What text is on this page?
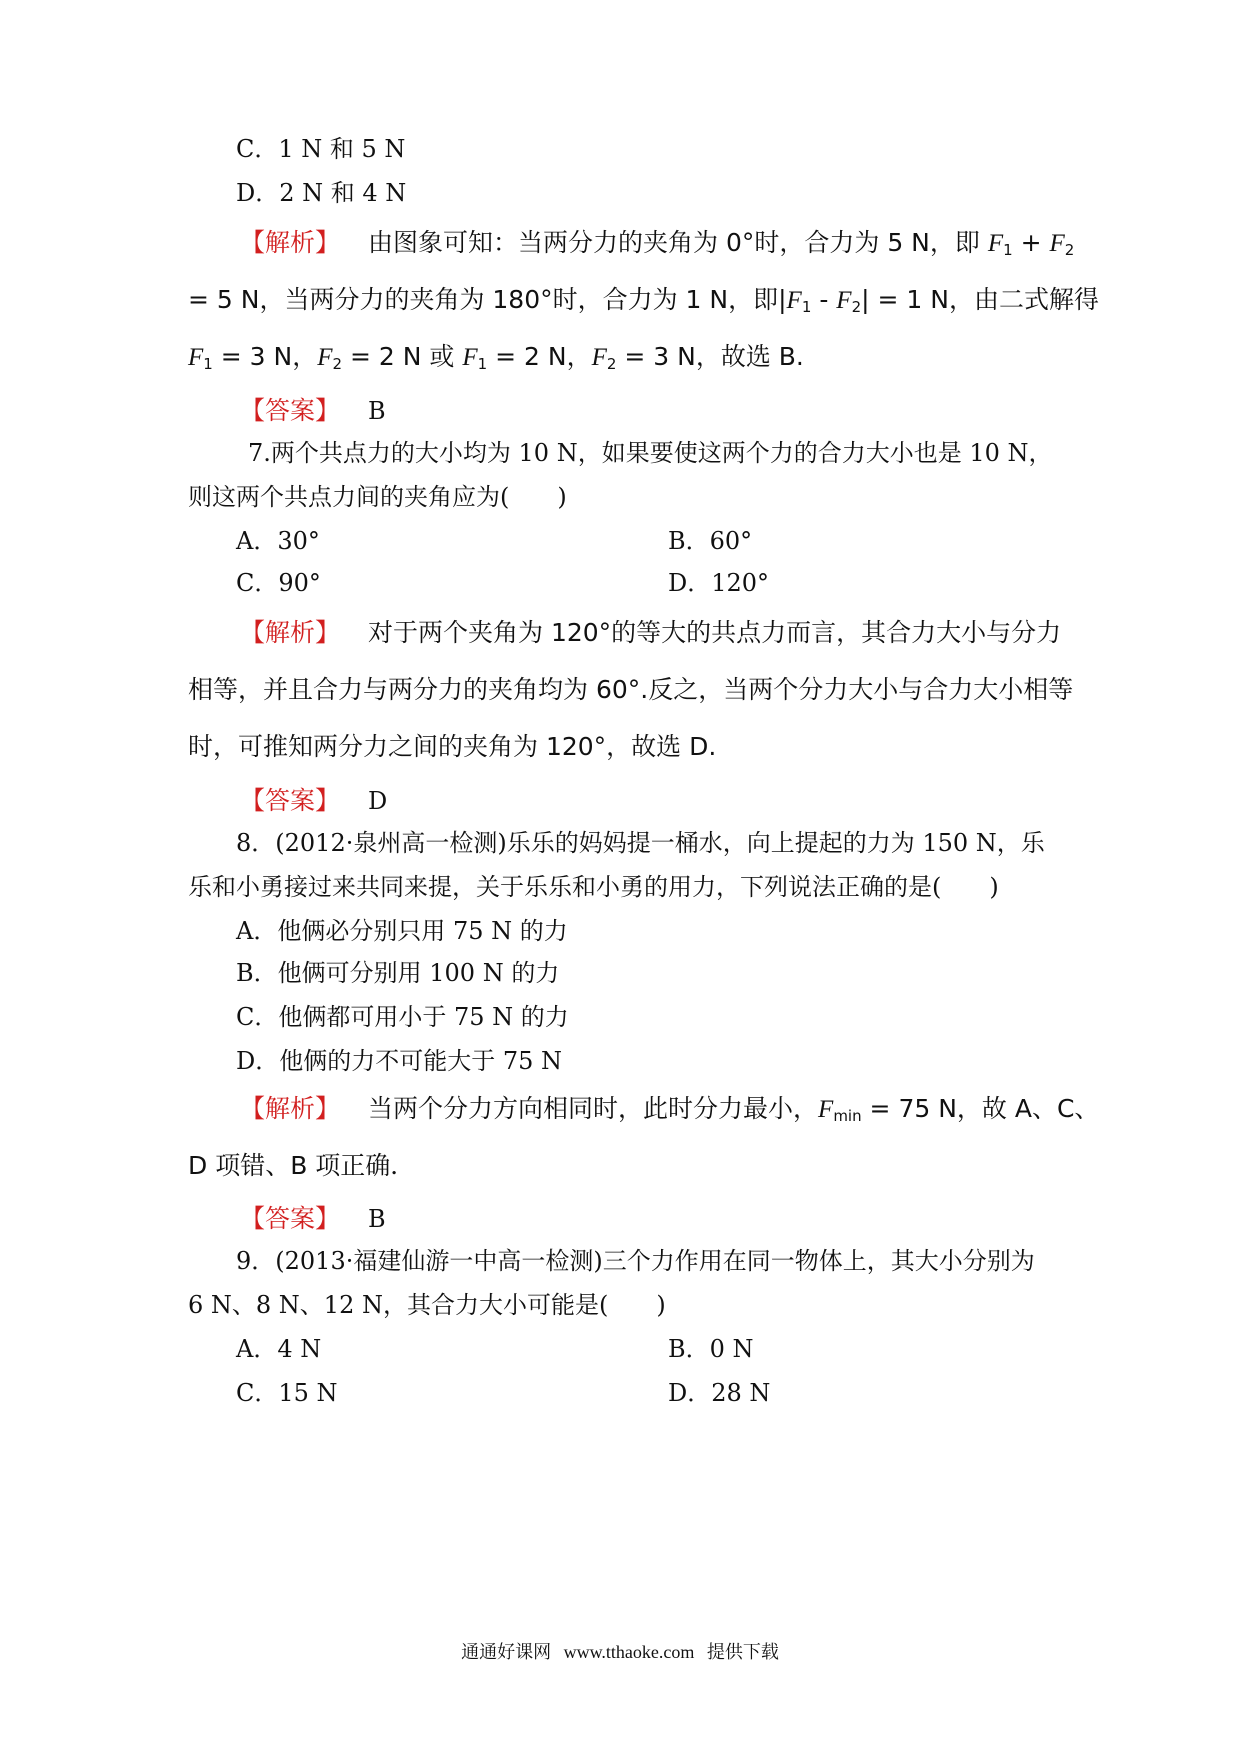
C．1 N 和 5 N
D．2 N 和 4 N
【解析】 由图象可知：当两分力的夹角为 0°时，合力为 5 N，即 $F_1 + F_2$
= 5 N，当两分力的夹角为 180°时，合力为 1 N，即$|F_1 - F_2| = 1$ N，由二式解得
$F_1 = 3$ N，$F_2 = 2$ N 或 $F_1 = 2$ N，$F_2 = 3$ N，故选 B.
【答案】 B
7.两个共点力的大小均为 10 N，如果要使这两个力的合力大小也是 10 N，
则这两个共点力间的夹角应为(　　)
A．30°	B．60°
C．90°	D．120°
【解析】 对于两个夹角为 120°的等大的共点力而言，其合力大小与分力
相等，并且合力与两分力的夹角均为 60°.反之，当两个分力大小与合力大小相等
时，可推知两分力之间的夹角为 120°，故选 D.
【答案】 D
8．(2012·泉州高一检测)乐乐的妈妈提一桶水，向上提起的力为 150 N，乐
乐和小勇接过来共同来提，关于乐乐和小勇的用力，下列说法正确的是(　　)
A．他俩必分别只用 75 N 的力
B．他俩可分别用 100 N 的力
C．他俩都可用小于 75 N 的力
D．他俩的力不可能大于 75 N
【解析】 当两个分力方向相同时，此时分力最小，$F_{min} = 75$ N，故 A、C、
D 项错、B 项正确．
【答案】 B
9．(2013·福建仙游一中高一检测)三个力作用在同一物体上，其大小分别为
6 N、8 N、12 N，其合力大小可能是(　　)
A．4 N	B．0 N
C．15 N	D．28 N
通通好课网 www.tthaoke.com 提供下载
